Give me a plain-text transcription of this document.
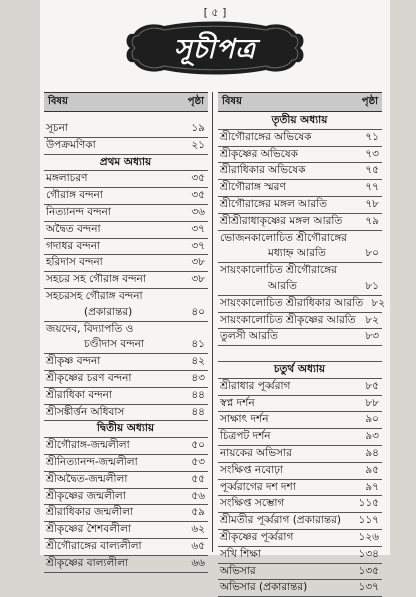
[ ৫ ]
সূচীপত্র
বিষয়	পৃষ্ঠা
সূচনা	১৯
উপক্রমণিকা	২১
প্রথম অধ্যায়
মঙ্গলাচরণ	৩৫
গৌরাঙ্গ বন্দনা	৩৫
নিত্যানন্দ বন্দনা	৩৬
অদ্বৈত বন্দনা	৩৭
গদাধর বন্দনা	৩৭
হরিদাস বন্দনা	৩৮
সহচর সহ গৌরাঙ্গ বন্দনা	৩৮
সহচরসহ গৌরাঙ্গ বন্দনা
(প্রকারান্তর)	৪০
জয়দেব, বিদ্যাপতি ও
চণ্ডীদাস বন্দনা	৪১
শ্রীকৃষ্ণ বন্দনা	৪২
শ্রীকৃষ্ণের চরণ বন্দনা	৪৩
শ্রীরাধিকা বন্দনা	৪৪
শ্রীসঙ্কীর্ত্তন অধিবাস	৪৪
দ্বিতীয় অধ্যায়
শ্রীগৌরাঙ্গ-জন্মলীলা	৫০
শ্রীনিত্যানন্দ-জন্মলীলা	৫৩
শ্রীঅদ্বৈত-জন্মলীলা	৫৫
শ্রীকৃষ্ণের জন্মলীলা	৫৬
শ্রীরাধিকার জন্মলীলা	৫৯
শ্রীকৃষ্ণের শৈশবলীলা	৬২
শ্রীগৌরাঙ্গের বাল্যলীলা	৬৫
শ্রীকৃষ্ণের বাল্যলীলা	৬৬
বিষয়	পৃষ্ঠা
তৃতীয় অধ্যায়
শ্রীগৌরাঙ্গের অভিষেক	৭১
শ্রীকৃষ্ণের অভিষেক	৭৩
শ্রীরাধিকার অভিষেক	৭৫
শ্রীগৌরাঙ্গ স্মরণ	৭৭
শ্রীগৌরাঙ্গের মঙ্গল আরতি	৭৮
শ্রীশ্রীরাধাকৃষ্ণের মঙ্গল আরতি	৭৯
ভোজনকালোচিত শ্রীগৌরাঙ্গের
মধ্যাহ্ন আরতি	৮০
সায়ংকালোচিত শ্রীগৌরাঙ্গের
আরতি	৮১
সায়ংকালোচিত শ্রীরাধিকার আরতি ৮২
সায়ংকালোচিত শ্রীকৃষ্ণের আরতি ৮২
তুলসী আরতি	৮৩
চতুর্থ অধ্যায়
শ্রীরাধার পূর্ব্বরাগ	৮৫
স্বপ্ন দর্শন	৮৮
সাক্ষাৎ দর্শন	৯০
চিত্রপট দর্শন	৯৩
নায়কের অভিসার	৯৪
সংক্ষিপ্ত নবোঢ়া	৯৫
পূর্ব্বরাগের দশ দশা	৯৭
সংক্ষিপ্ত সম্ভোগ	১১৫
শ্রীমতীর পূর্ব্বরাগ (প্রকারান্তর) ১১৭
শ্রীকৃষ্ণের পূর্ব্বরাগ	১২৬
সখি শিক্ষা	১৩৪
অভিসার	১৩৫
অভিসার (প্রকারান্তর)	১৩৭
